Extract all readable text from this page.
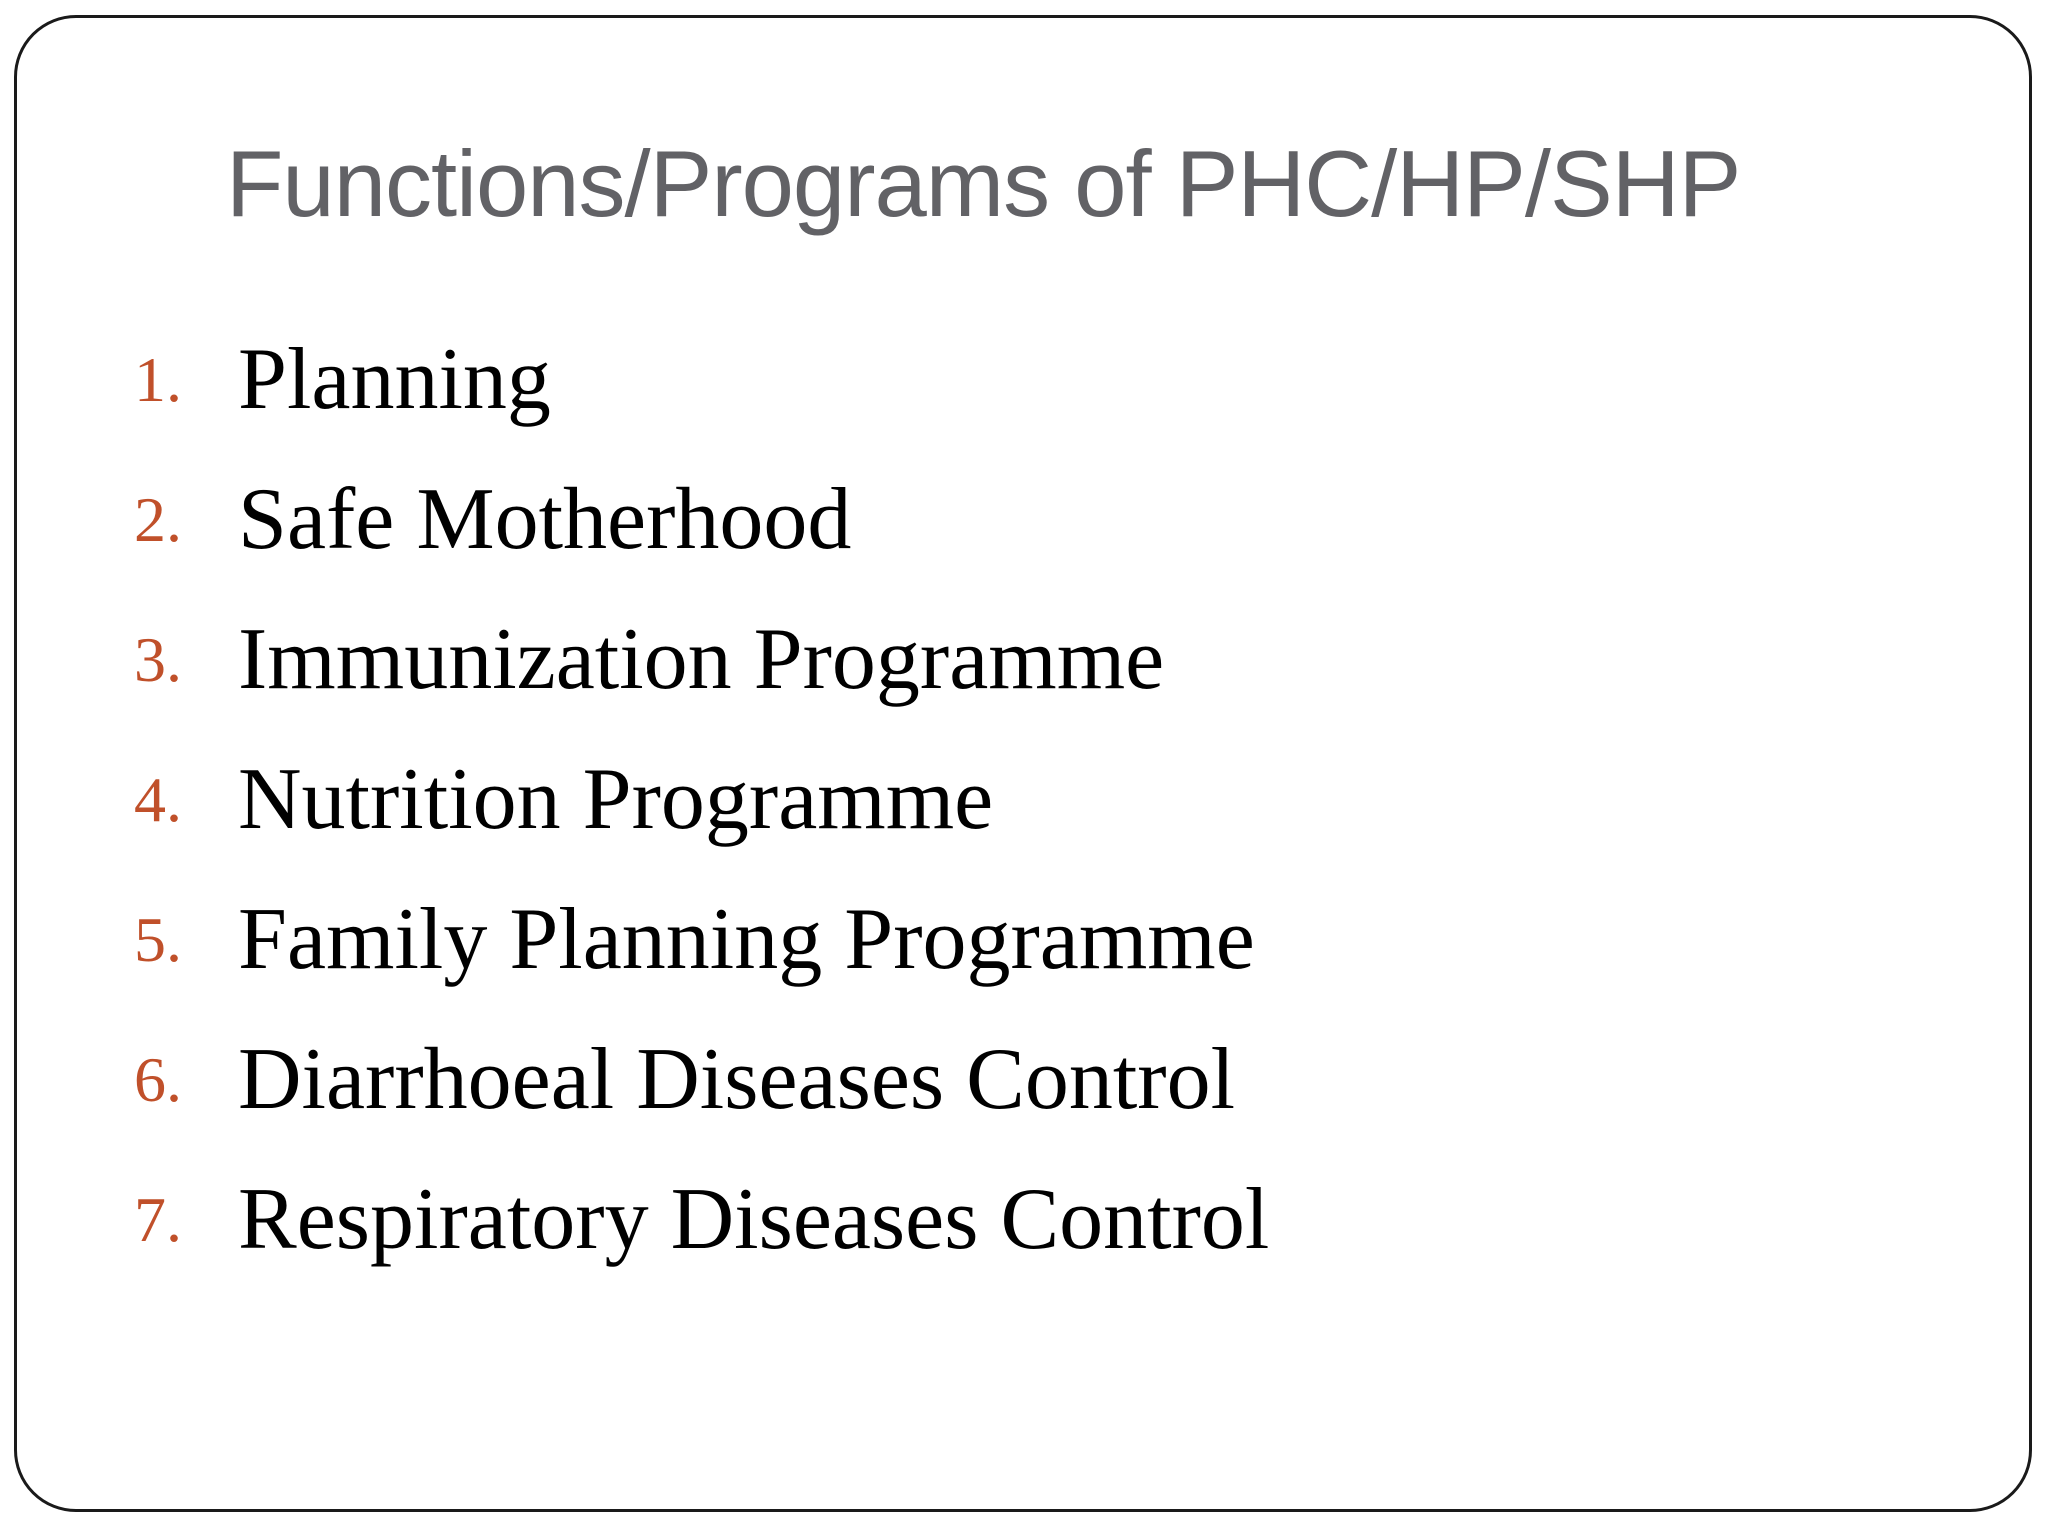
Functions/Programs of PHC/HP/SHP
1. Planning
2. Safe Motherhood
3. Immunization Programme
4. Nutrition Programme
5. Family Planning Programme
6. Diarrhoeal Diseases Control
7. Respiratory Diseases Control
